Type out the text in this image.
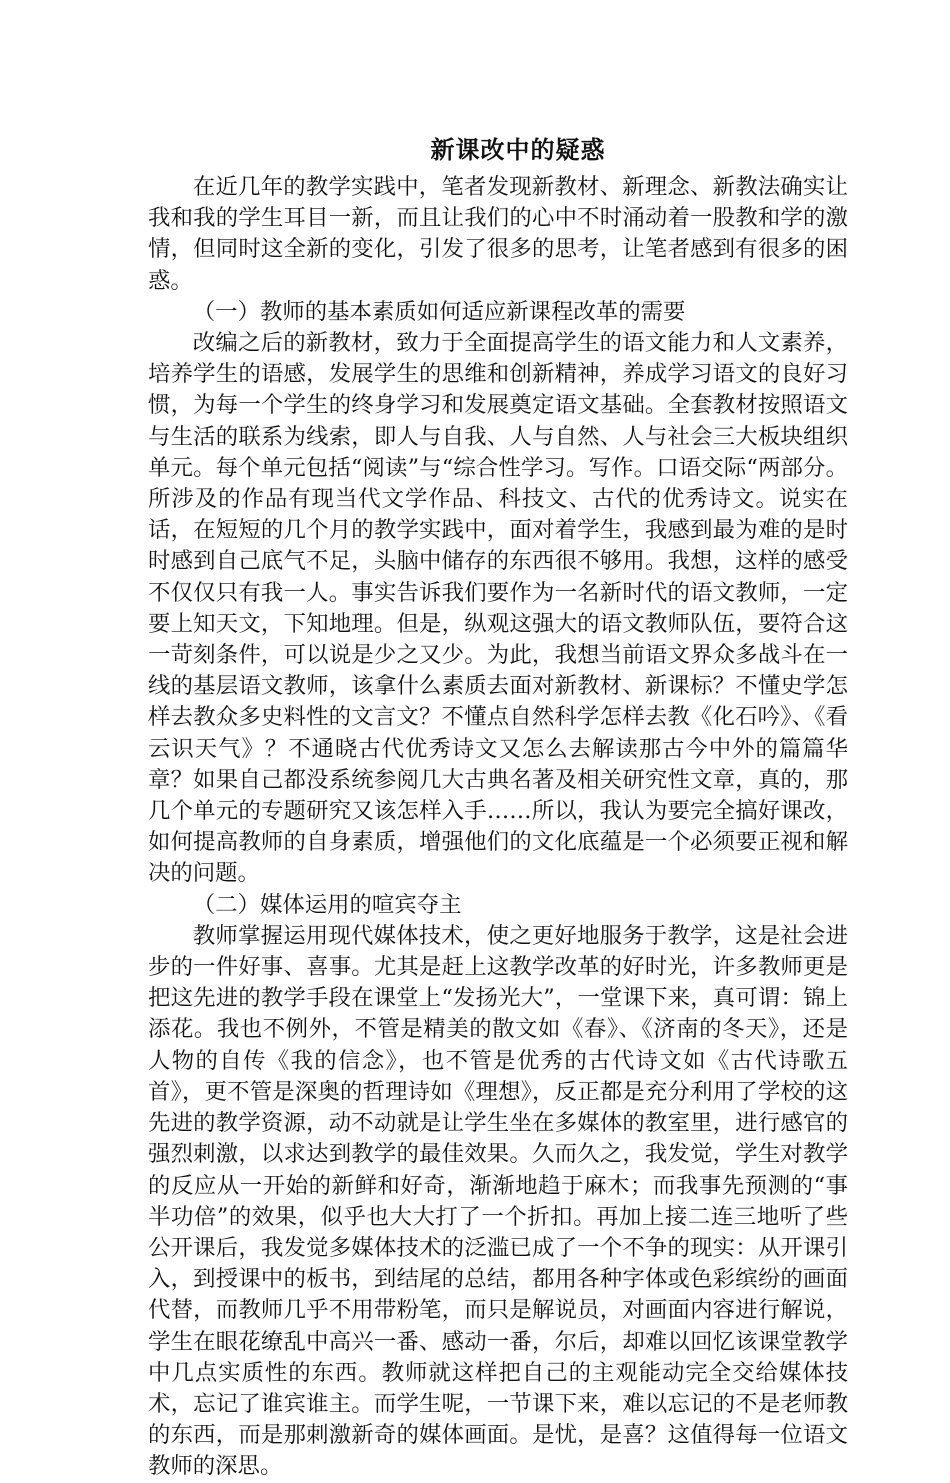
新课改中的疑惑

在近几年的教学实践中，笔者发现新教材、新理念、新教法确实让我和我的学生耳目一新，而且让我们的心中不时涌动着一股教和学的激情，但同时这全新的变化，引发了很多的思考，让笔者感到有很多的困惑。

（一）教师的基本素质如何适应新课程改革的需要

改编之后的新教材，致力于全面提高学生的语文能力和人文素养，培养学生的语感，发展学生的思维和创新精神，养成学习语文的良好习惯，为每一个学生的终身学习和发展奠定语文基础。全套教材按照语文与生活的联系为线索，即人与自我、人与自然、人与社会三大板块组织单元。每个单元包括“阅读”与“综合性学习。写作。口语交际“两部分。所涉及的作品有现当代文学作品、科技文、古代的优秀诗文。说实在话，在短短的几个月的教学实践中，面对着学生，我感到最为难的是时时感到自己底气不足，头脑中储存的东西很不够用。我想，这样的感受不仅仅只有我一人。事实告诉我们要作为一名新时代的语文教师，一定要上知天文，下知地理。但是，纵观这强大的语文教师队伍，要符合这一苛刻条件，可以说是少之又少。为此，我想当前语文界众多战斗在一线的基层语文教师，该拿什么素质去面对新教材、新课标？不懂史学怎样去教众多史料性的文言文？不懂点自然科学怎样去教《化石吟》、《看云识天气》？不通晓古代优秀诗文又怎么去解读那古今中外的篇篇华章？如果自己都没系统参阅几大古典名著及相关研究性文章，真的，那几个单元的专题研究又该怎样入手……所以，我认为要完全搞好课改，如何提高教师的自身素质，增强他们的文化底蕴是一个必须要正视和解决的问题。

（二）媒体运用的喧宾夺主

教师掌握运用现代媒体技术，使之更好地服务于教学，这是社会进步的一件好事、喜事。尤其是赶上这教学改革的好时光，许多教师更是把这先进的教学手段在课堂上“发扬光大”，一堂课下来，真可谓：锦上添花。我也不例外，不管是精美的散文如《春》、《济南的冬天》，还是人物的自传《我的信念》，也不管是优秀的古代诗文如《古代诗歌五首》，更不管是深奥的哲理诗如《理想》，反正都是充分利用了学校的这先进的教学资源，动不动就是让学生坐在多媒体的教室里，进行感官的强烈刺激，以求达到教学的最佳效果。久而久之，我发觉，学生对教学的反应从一开始的新鲜和好奇，渐渐地趋于麻木；而我事先预测的“事半功倍”的效果，似乎也大大打了一个折扣。再加上接二连三地听了些公开课后，我发觉多媒体技术的泛滥已成了一个不争的现实：从开课引入，到授课中的板书，到结尾的总结，都用各种字体或色彩缤纷的画面代替，而教师几乎不用带粉笔，而只是解说员，对画面内容进行解说，学生在眼花缭乱中高兴一番、感动一番，尔后，却难以回忆该课堂教学中几点实质性的东西。教师就这样把自己的主观能动完全交给媒体技术，忘记了谁宾谁主。而学生呢，一节课下来，难以忘记的不是老师教的东西，而是那刺激新奇的媒体画面。是忧，是喜？这值得每一位语文教师的深思。
